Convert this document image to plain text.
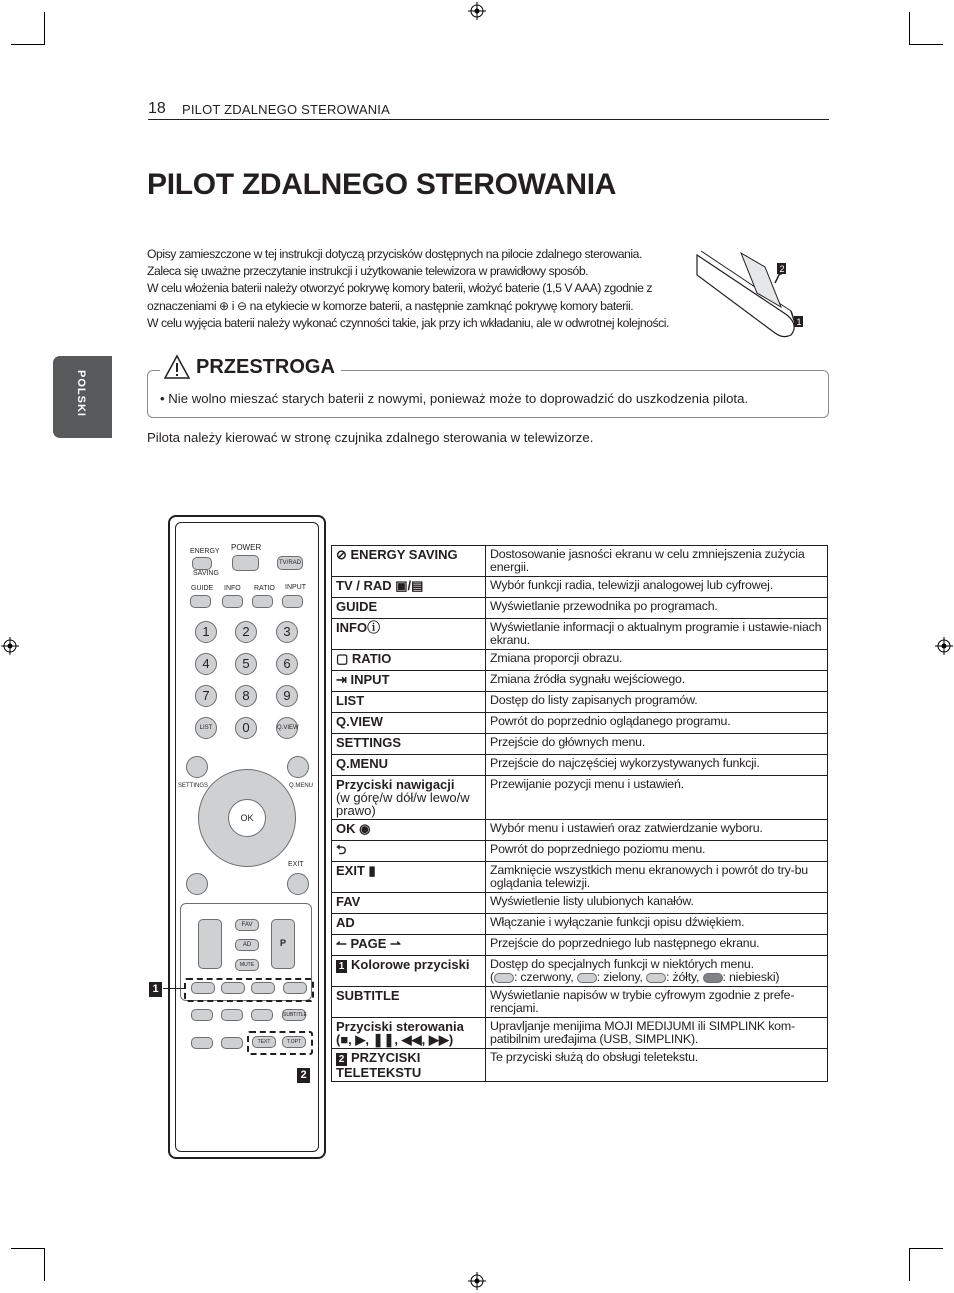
18 PILOT ZDALNEGO STEROWANIA
PILOT ZDALNEGO STEROWANIA
POLSKI

Opisy zamieszczone w tej instrukcji dotyczą przycisków dostępnych na pilocie zdalnego sterowania.

Zaleca się uważne przeczytanie instrukcji i użytkowanie telewizora w prawidłowy sposób.

W celu włożenia baterii należy otworzyć pokrywę komory baterii, włożyć baterie (1,5 V AAA) zgodnie z

oznaczeniami ⊕ i ⊖ na etykiecie w komorze baterii, a następnie zamknąć pokrywę komory baterii.

W celu wyjęcia baterii należy wykonać czynności takie, jak przy ich wkładaniu, ale w odwrotnej kolejności.

2
1
PRZESTROGA
• Nie wolno mieszać starych baterii z nowymi, ponieważ może to doprowadzić do uszkodzenia pilota.
Pilota należy kierować w stronę czujnika zdalnego sterowania w telewizorze.
ENERGY
SAVING
POWER
TV/RAD
GUIDE INFO RATIO INPUT
1	2	3
4	5	6
7	8	9
LIST	0	Q.VIEW
SETTINGS	Q.MENU
OK
EXIT
P
FAV
AD
MUTE
SUBTITLE
TEXT	T.OPT
1
2
⊘ ENERGY SAVING	Dostosowanie jasności ekranu w celu zmniejszenia zużycia energii.
TV / RAD ▣/▤	Wybór funkcji radia, telewizji analogowej lub cyfrowej.
GUIDE	Wyświetlanie przewodnika po programach.
INFOⓘ	Wyświetlanie informacji o aktualnym programie i ustawie-niach ekranu.
▢ RATIO	Zmiana proporcji obrazu.
⇥ INPUT	Zmiana źródła sygnału wejściowego.
LIST	Dostęp do listy zapisanych programów.
Q.VIEW	Powrót do poprzednio oglądanego programu.
SETTINGS	Przejście do głównych menu.
Q.MENU	Przejście do najczęściej wykorzystywanych funkcji.
Przyciski nawigacji
(w górę/w dół/w lewo/w prawo)	Przewijanie pozycji menu i ustawień.
OK ◉	Wybór menu i ustawień oraz zatwierdzanie wyboru.
⮌	Powrót do poprzedniego poziomu menu.
EXIT ▮	Zamknięcie wszystkich menu ekranowych i powrót do try-bu oglądania telewizji.
FAV	Wyświetlenie listy ulubionych kanałów.
AD	Włączanie i wyłączanie funkcji opisu dźwiękiem.
↼ PAGE ⇀	Przejście do poprzedniego lub następnego ekranu.
1 Kolorowe przyciski	Dostęp do specjalnych funkcji w niektórych menu.
( : czerwony, : zielony, : żółty, : niebieski)
SUBTITLE	Wyświetlanie napisów w trybie cyfrowym zgodnie z prefe-rencjami.
Przyciski sterowania
(■, ▶, ❚❚, ◀◀, ▶▶)	Upravljanje menijima MOJI MEDIJUMI ili SIMPLINK kom-patibilnim uređajima (USB, SIMPLINK).
2 PRZYCISKI TELETEKSTU	Te przyciski służą do obsługi teletekstu.
